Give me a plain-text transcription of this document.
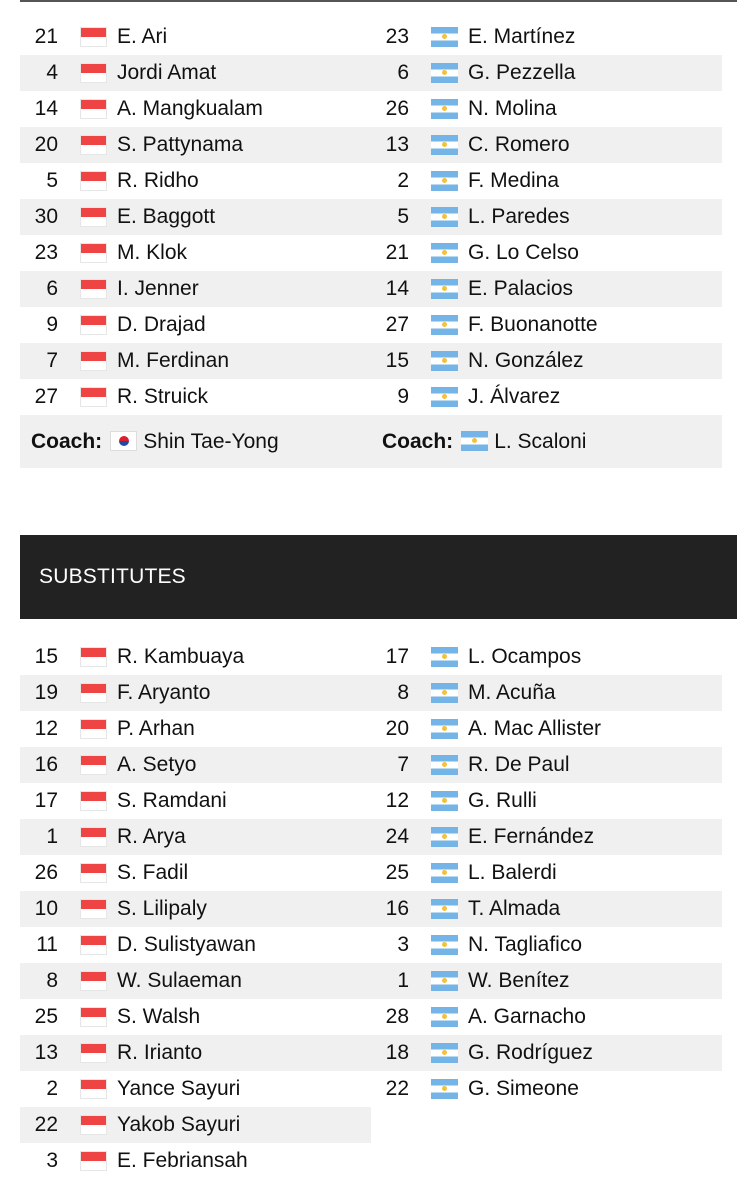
21	E. Ari
4	Jordi Amat
14	A. Mangkualam
20	S. Pattynama
5	R. Ridho
30	E. Baggott
23	M. Klok
6	I. Jenner
9	D. Drajad
7	M. Ferdinan
27	R. Struick
23	E. Martínez
6	G. Pezzella
26	N. Molina
13	C. Romero
2	F. Medina
5	L. Paredes
21	G. Lo Celso
14	E. Palacios
27	F. Buonanotte
15	N. González
9	J. Álvarez
Coach: Shin Tae-Yong	Coach: L. Scaloni
SUBSTITUTES
15	R. Kambuaya
19	F. Aryanto
12	P. Arhan
16	A. Setyo
17	S. Ramdani
1	R. Arya
26	S. Fadil
10	S. Lilipaly
11	D. Sulistyawan
8	W. Sulaeman
25	S. Walsh
13	R. Irianto
2	Yance Sayuri
22	Yakob Sayuri
3	E. Febriansah
17	L. Ocampos
8	M. Acuña
20	A. Mac Allister
7	R. De Paul
12	G. Rulli
24	E. Fernández
25	L. Balerdi
16	T. Almada
3	N. Tagliafico
1	W. Benítez
28	A. Garnacho
18	G. Rodríguez
22	G. Simeone
